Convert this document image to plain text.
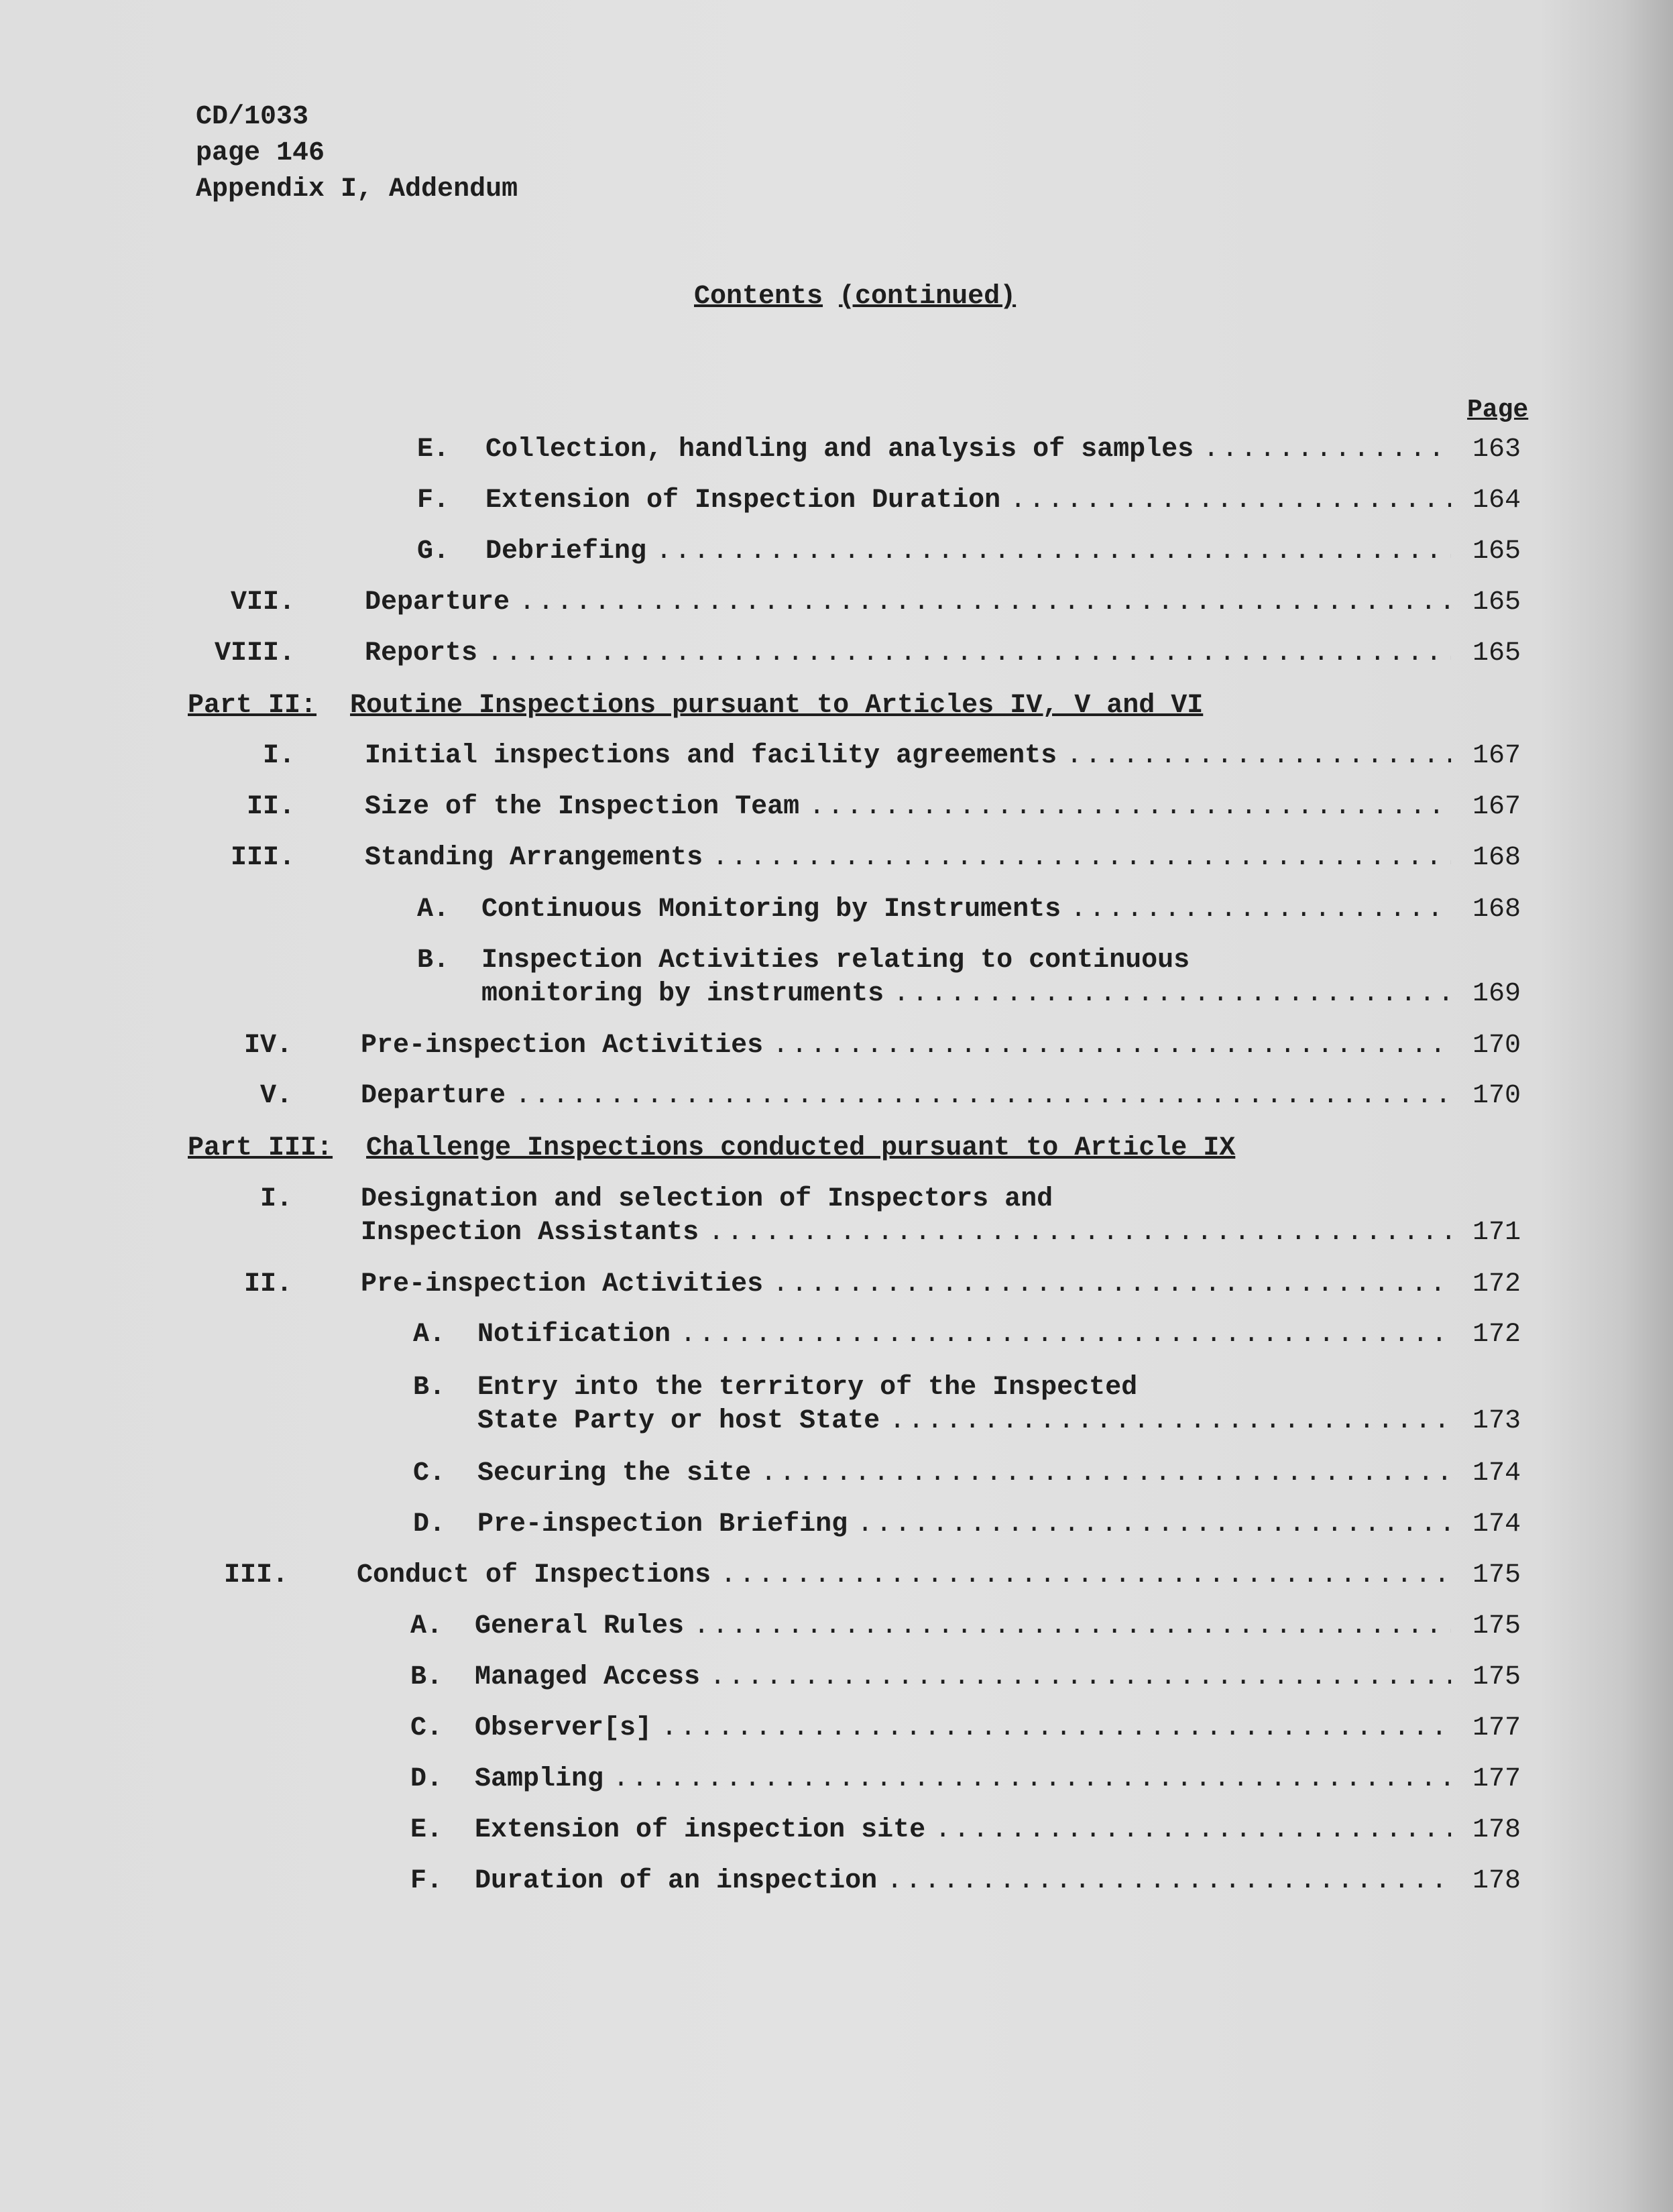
CD/1033
page 146
Appendix I, Addendum
Contents (continued)
Page
E. Collection, handling and analysis of samples .....	163
F. Extension of Inspection Duration .....	164
G. Debriefing .....	165
VII.	Departure .....	165
VIII.	Reports .....	165
Part II: Routine Inspections pursuant to Articles IV, V and VI
I.	Initial inspections and facility agreements .....	167
II.	Size of the Inspection Team .....	167
III.	Standing Arrangements .....	168
A. Continuous Monitoring by Instruments .....	168
B. Inspection Activities relating to continuous
monitoring by instruments .....	169
IV.	Pre-inspection Activities .....	170
V.	Departure .....	170
Part III: Challenge Inspections conducted pursuant to Article IX
I.	Designation and selection of Inspectors and
Inspection Assistants .....	171
II.	Pre-inspection Activities .....	172
A. Notification .....	172
B. Entry into the territory of the Inspected
State Party or host State .....	173
C. Securing the site .....	174
D. Pre-inspection Briefing .....	174
III.	Conduct of Inspections .....	175
A. General Rules .....	175
B. Managed Access .....	175
C. Observer[s] .....	177
D. Sampling .....	177
E. Extension of inspection site .....	178
F. Duration of an inspection .....	178
